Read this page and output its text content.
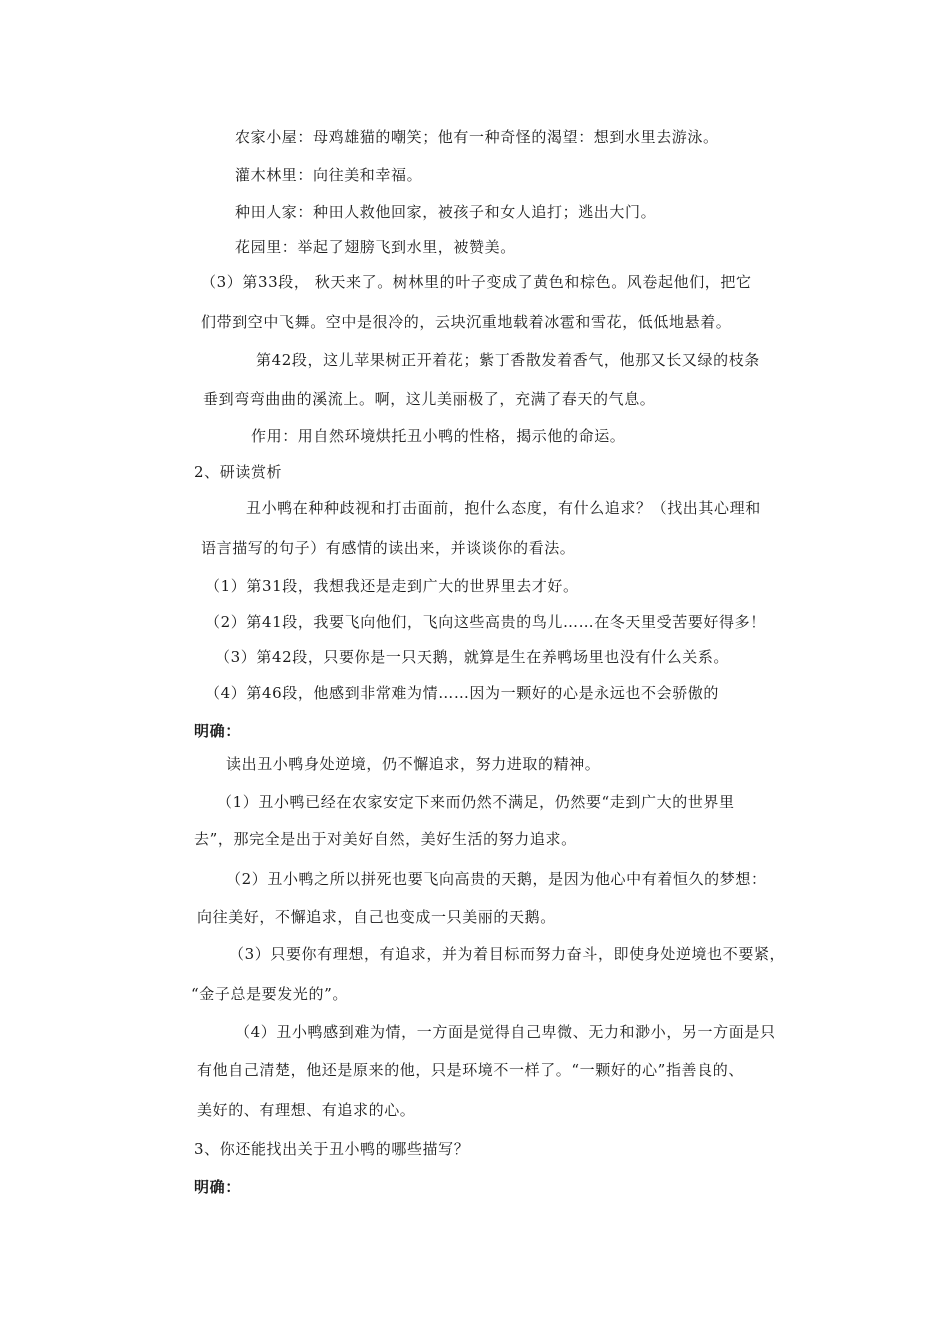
农家小屋：母鸡雄猫的嘲笑；他有一种奇怪的渴望：想到水里去游泳。
灌木林里：向往美和幸福。
种田人家：种田人救他回家，被孩子和女人追打；逃出大门。
花园里：举起了翅膀飞到水里，被赞美。
（3）第33段， 秋天来了。树林里的叶子变成了黄色和棕色。风卷起他们，把它
们带到空中飞舞。空中是很冷的，云块沉重地载着冰雹和雪花，低低地悬着。
第42段，这儿苹果树正开着花；紫丁香散发着香气，他那又长又绿的枝条
垂到弯弯曲曲的溪流上。啊，这儿美丽极了，充满了春天的气息。
作用：用自然环境烘托丑小鸭的性格，揭示他的命运。
2、研读赏析
丑小鸭在种种歧视和打击面前，抱什么态度，有什么追求？（找出其心理和
语言描写的句子）有感情的读出来，并谈谈你的看法。
（1）第31段，我想我还是走到广大的世界里去才好。
（2）第41段，我要飞向他们，飞向这些高贵的鸟儿……在冬天里受苦要好得多！
（3）第42段，只要你是一只天鹅，就算是生在养鸭场里也没有什么关系。
（4）第46段，他感到非常难为情……因为一颗好的心是永远也不会骄傲的
明确：
读出丑小鸭身处逆境，仍不懈追求，努力进取的精神。
（1）丑小鸭已经在农家安定下来而仍然不满足，仍然要“走到广大的世界里
去”，那完全是出于对美好自然，美好生活的努力追求。
（2）丑小鸭之所以拼死也要飞向高贵的天鹅，是因为他心中有着恒久的梦想：
向往美好，不懈追求，自己也变成一只美丽的天鹅。
（3）只要你有理想，有追求，并为着目标而努力奋斗，即使身处逆境也不要紧，
“金子总是要发光的”。
（4）丑小鸭感到难为情，一方面是觉得自己卑微、无力和渺小，另一方面是只
有他自己清楚，他还是原来的他，只是环境不一样了。“一颗好的心”指善良的、
美好的、有理想、有追求的心。
3、你还能找出关于丑小鸭的哪些描写？
明确：
